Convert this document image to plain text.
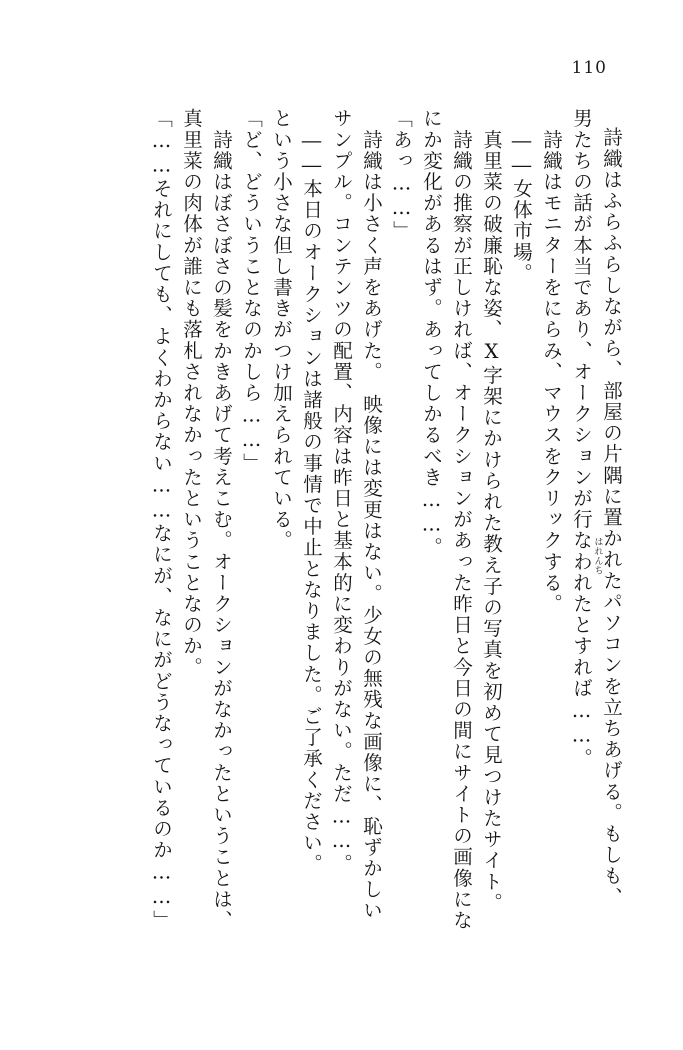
110
詩織はふらふらしながら、部屋の片隅に置かれたパソコンを立ちあげる。もしも、
男たちの話が本当であり、オークションが行なわれたとすれば……。
　詩織はモニターをにらみ、マウスをクリックする。
　――女体市場。
　真里菜の破廉恥な姿、X字架にかけられた教え子の写真を初めて見つけたサイト。

	はれんち

　詩織の推察が正しければ、オークションがあった昨日と今日の間にサイトの画像にな
にか変化があるはず。あってしかるべき……。
「あっ……」
　詩織は小さく声をあげた。　映像には変更はない。少女の無残な画像に、恥ずかしい
サンプル。コンテンツの配置、内容は昨日と基本的に変わりがない。ただ……。
　――本日のオークションは諸般の事情で中止となりました。ご了承ください。
という小さな但し書きがつけ加えられている。
「ど、どういうことなのかしら……」
　詩織はぼさぼさの髪をかきあげて考えこむ。オークションがなかったということは、
真里菜の肉体が誰にも落札されなかったということなのか。
「……それにしても、よくわからない……なにが、なにがどうなっているのか……」
